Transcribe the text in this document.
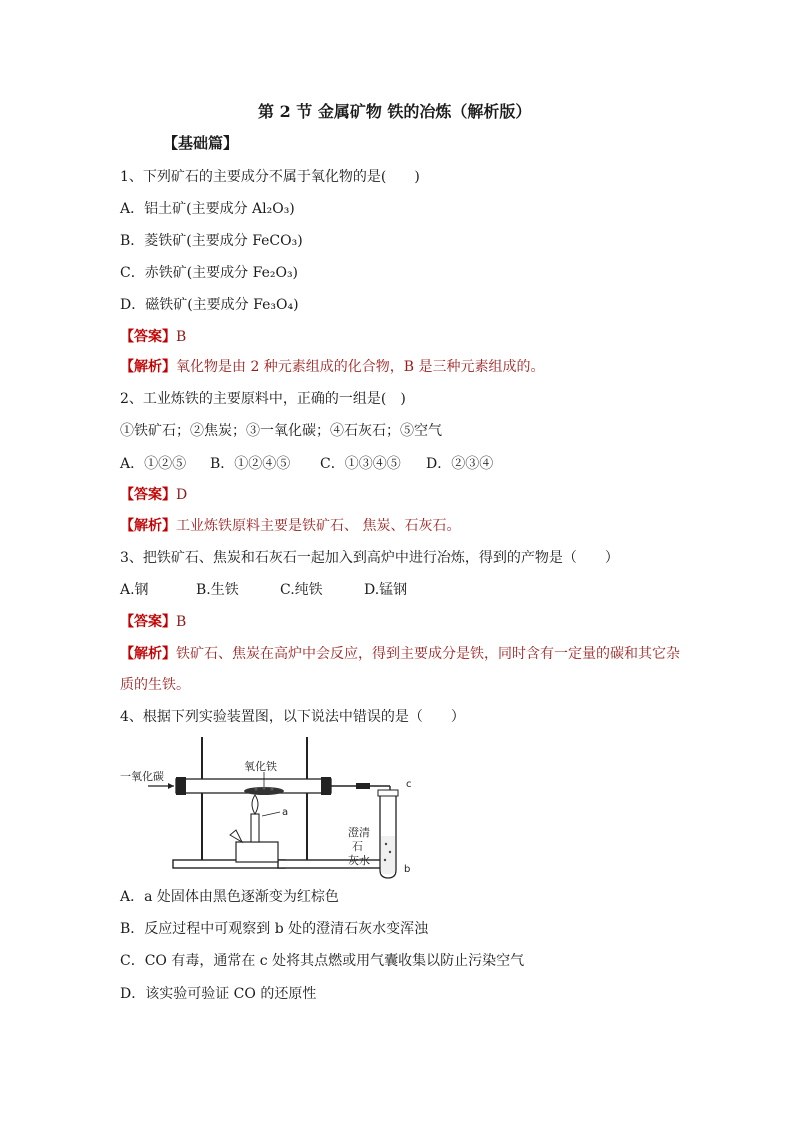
第 2 节 金属矿物 铁的冶炼（解析版）
【基础篇】
1、下列矿石的主要成分不属于氧化物的是(　　)
A．铝土矿(主要成分 Al₂O₃)
B．菱铁矿(主要成分 FeCO₃)
C．赤铁矿(主要成分 Fe₂O₃)
D．磁铁矿(主要成分 Fe₃O₄)
【答案】B
【解析】氧化物是由 2 种元素组成的化合物，B 是三种元素组成的。
2、工业炼铁的主要原料中，正确的一组是(　)
①铁矿石；②焦炭；③一氧化碳；④石灰石；⑤空气
A．①②⑤ B．①②④⑤ C．①③④⑤ D．②③④
【答案】D
【解析】工业炼铁原料主要是铁矿石、 焦炭、石灰石。
3、把铁矿石、焦炭和石灰石一起加入到高炉中进行冶炼，得到的产物是（　　）
A.钢	B.生铁	C.纯铁	D.锰钢
【答案】B
【解析】铁矿石、焦炭在高炉中会反应，得到主要成分是铁，同时含有一定量的碳和其它杂
质的生铁。
4、根据下列实验装置图，以下说法中错误的是（　　）
一氧化碳
氧化铁
a
c
b
澄清
石
灰水
A．a 处固体由黑色逐渐变为红棕色
B．反应过程中可观察到 b 处的澄清石灰水变浑浊
C．CO 有毒，通常在 c 处将其点燃或用气囊收集以防止污染空气
D．该实验可验证 CO 的还原性
